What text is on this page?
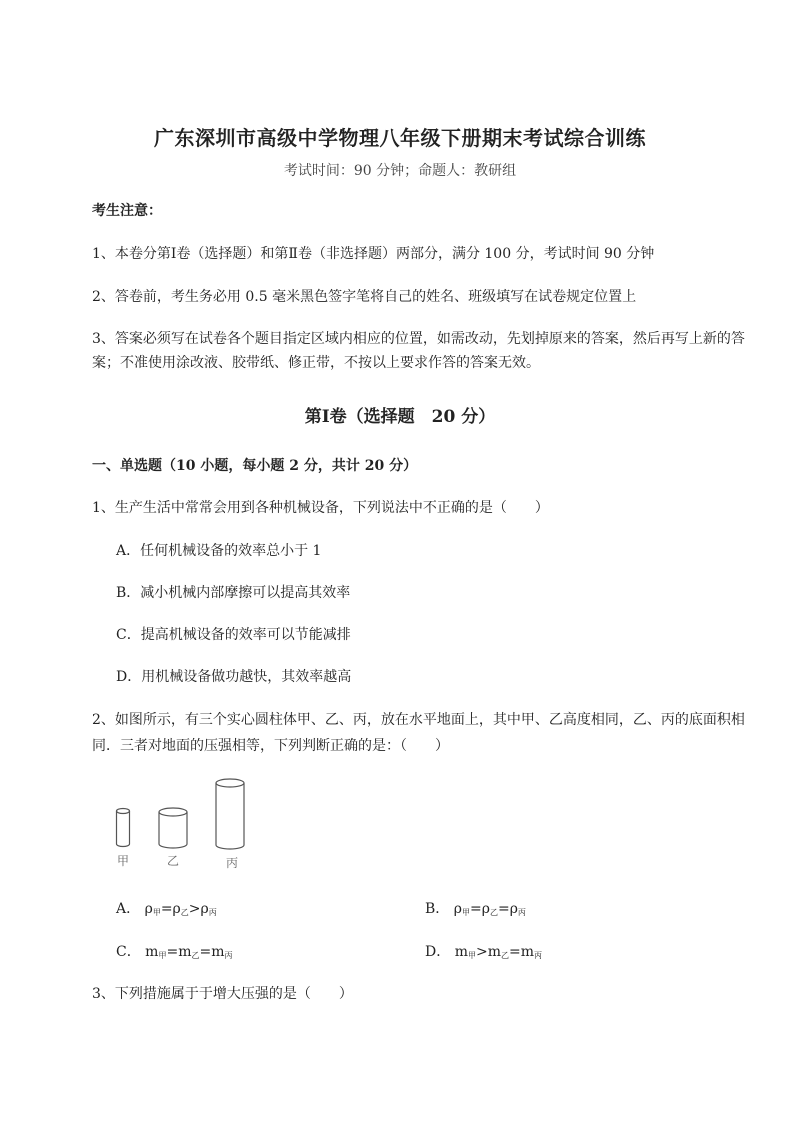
广东深圳市高级中学物理八年级下册期末考试综合训练
考试时间：90 分钟；命题人：教研组
考生注意：
1、本卷分第Ⅰ卷（选择题）和第Ⅱ卷（非选择题）两部分，满分 100 分，考试时间 90 分钟
2、答卷前，考生务必用 0.5 毫米黑色签字笔将自己的姓名、班级填写在试卷规定位置上
3、答案必须写在试卷各个题目指定区域内相应的位置，如需改动，先划掉原来的答案，然后再写上新的答案；不准使用涂改液、胶带纸、修正带，不按以上要求作答的答案无效。
第Ⅰ卷（选择题　20 分）
一、单选题（10 小题，每小题 2 分，共计 20 分）
1、生产生活中常常会用到各种机械设备，下列说法中不正确的是（　　）
A．任何机械设备的效率总小于 1
B．减小机械内部摩擦可以提高其效率
C．提高机械设备的效率可以节能减排
D．用机械设备做功越快，其效率越高
2、如图所示，有三个实心圆柱体甲、乙、丙，放在水平地面上，其中甲、乙高度相同，乙、丙的底面积相同．三者对地面的压强相等，下列判断正确的是：（　　）
甲	乙	丙
A． $\rho_甲=\rho_乙>\rho_丙$	B． $\rho_甲=\rho_乙=\rho_丙$
C． $m_甲=m_乙=m_丙$	D． $m_甲>m_乙=m_丙$
3、下列措施属于于增大压强的是（　　）
